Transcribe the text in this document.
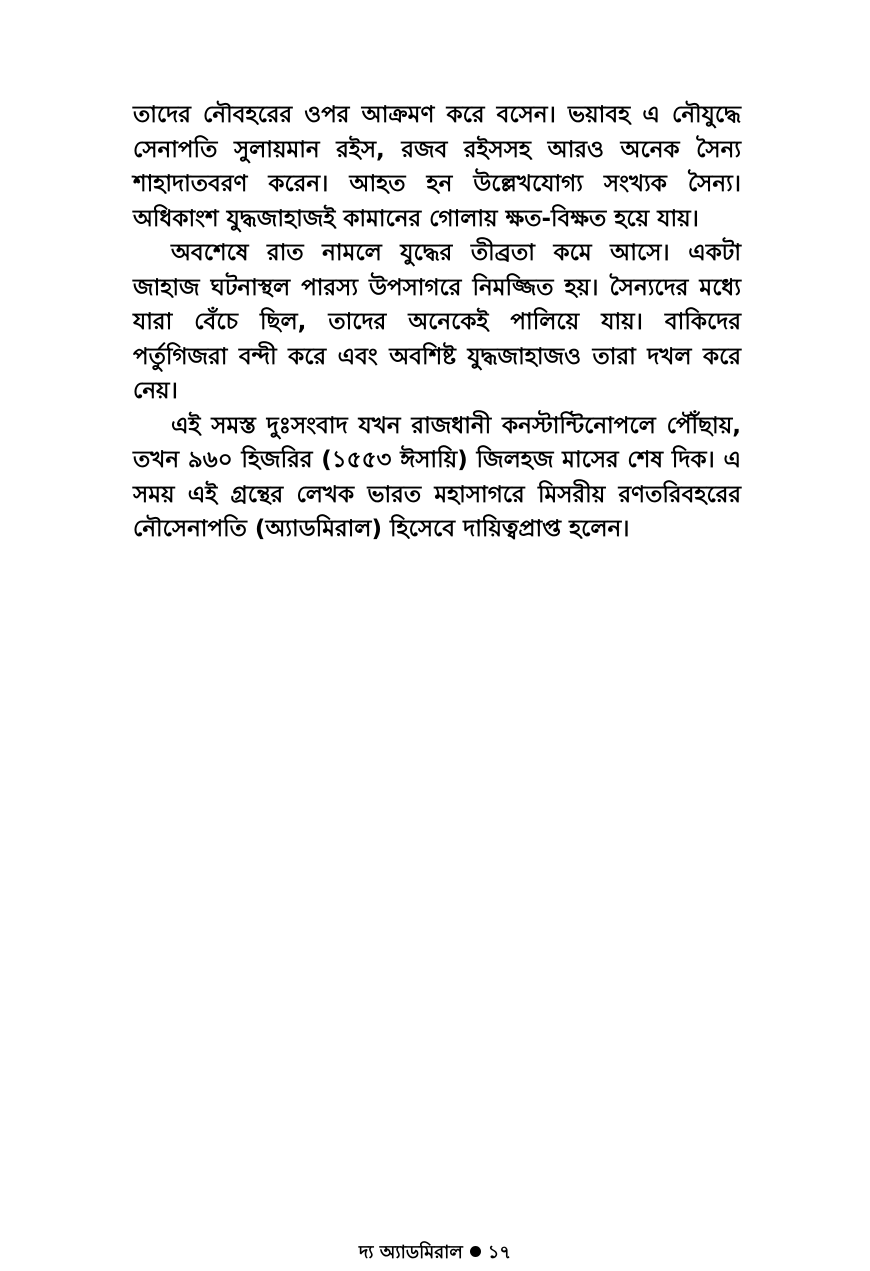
তাদের নৌবহরের ওপর আক্রমণ করে বসেন। ভয়াবহ এ নৌযুদ্ধে সেনাপতি সুলায়মান রইস, রজব রইসসহ আরও অনেক সৈন্য শাহাদাতবরণ করেন। আহত হন উল্লেখযোগ্য সংখ্যক সৈন্য। অধিকাংশ যুদ্ধজাহাজই কামানের গোলায় ক্ষত-বিক্ষত হয়ে যায়।

অবশেষে রাত নামলে যুদ্ধের তীব্রতা কমে আসে। একটা জাহাজ ঘটনাস্থল পারস্য উপসাগরে নিমজ্জিত হয়। সৈন্যদের মধ্যে যারা বেঁচে ছিল, তাদের অনেকেই পালিয়ে যায়। বাকিদের পর্তুগিজরা বন্দী করে এবং অবশিষ্ট যুদ্ধজাহাজও তারা দখল করে নেয়।

এই সমস্ত দুঃসংবাদ যখন রাজধানী কনস্টান্টিনোপলে পৌঁছায়, তখন ৯৬০ হিজরির (১৫৫৩ ঈসায়ি) জিলহজ মাসের শেষ দিক। এ সময় এই গ্রন্থের লেখক ভারত মহাসাগরে মিসরীয় রণতরিবহরের নৌসেনাপতি (অ্যাডমিরাল) হিসেবে দায়িত্বপ্রাপ্ত হলেন।

দ্য অ্যাডমিরাল ১৭
